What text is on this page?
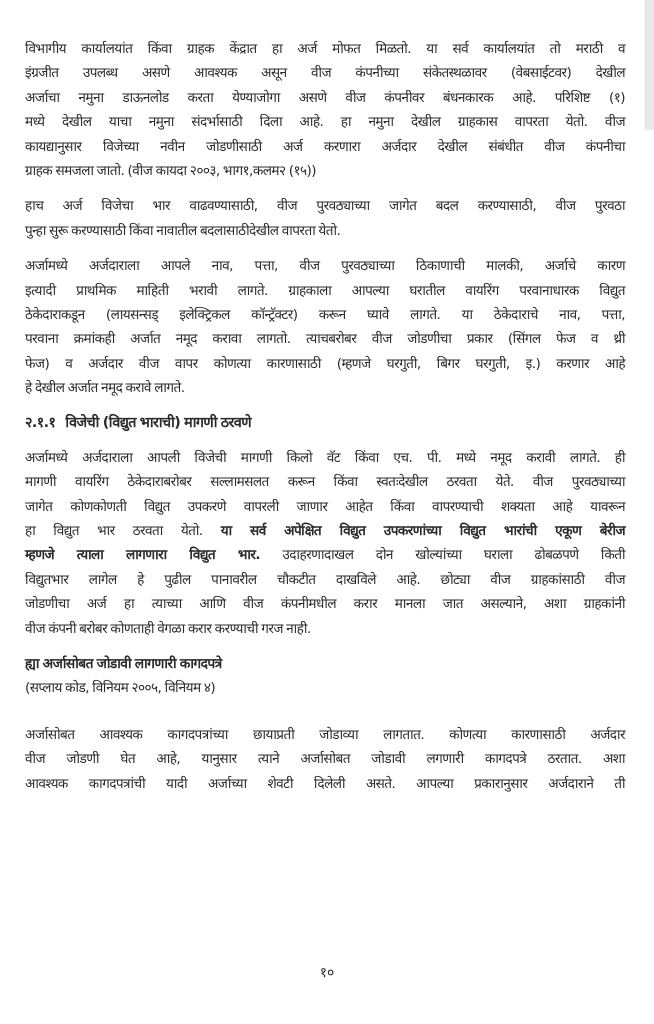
विभागीय कार्यालयांत किंवा ग्राहक केंद्रात हा अर्ज मोफत मिळतो. या सर्व कार्यालयांत तो मराठी व
इंग्रजीत उपलब्ध असणे आवश्यक असून वीज कंपनीच्या संकेतस्थळावर (वेबसाईटवर) देखील
अर्जाचा नमुना डाऊनलोड करता येण्याजोगा असणे वीज कंपनीवर बंधनकारक आहे. परिशिष्ट (१)
मध्ये देखील याचा नमुना संदर्भासाठी दिला आहे. हा नमुना देखील ग्राहकास वापरता येतो. वीज
कायद्यानुसार विजेच्या नवीन जोडणीसाठी अर्ज करणारा अर्जदार देखील संबंधीत वीज कंपनीचा
ग्राहक समजला जातो. (वीज कायदा २००३, भाग१,कलम२ (१५))
हाच अर्ज विजेचा भार वाढवण्यासाठी, वीज पुरवठ्याच्या जागेत बदल करण्यासाठी, वीज पुरवठा
पुन्हा सुरू करण्यासाठी किंवा नावातील बदलासाठीदेखील वापरता येतो.
अर्जामध्ये अर्जदाराला आपले नाव, पत्ता, वीज पुरवठ्याच्या ठिकाणाची मालकी, अर्जाचे कारण
इत्यादी प्राथमिक माहिती भरावी लागते. ग्राहकाला आपल्या घरातील वायरिंग परवानाधारक विद्युत
ठेकेदाराकडून (लायसन्सड् इलेक्ट्रिकल कॉन्ट्रॅक्टर) करून घ्यावे लागते. या ठेकेदाराचे नाव, पत्ता,
परवाना क्रमांकही अर्जात नमूद करावा लागतो. त्याचबरोबर वीज जोडणीचा प्रकार (सिंगल फेज व थ्री
फेज) व अर्जदार वीज वापर कोणत्या कारणासाठी (म्हणजे घरगुती, बिगर घरगुती, इ.) करणार आहे
हे देखील अर्जात नमूद करावे लागते.
२.१.१ विजेची (विद्युत भाराची) मागणी ठरवणे
अर्जामध्ये अर्जदाराला आपली विजेची मागणी किलो वॅट किंवा एच. पी. मध्ये नमूद करावी लागते. ही
मागणी वायरिंग ठेकेदाराबरोबर सल्लामसलत करून किंवा स्वतःदेखील ठरवता येते. वीज पुरवठ्याच्या
जागेत कोणकोणती विद्युत उपकरणे वापरली जाणार आहेत किंवा वापरण्याची शक्यता आहे यावरून
हा विद्युत भार ठरवता येतो. या सर्व अपेक्षित विद्युत उपकरणांच्या विद्युत भारांची एकूण बेरीज
म्हणजे त्याला लागणारा विद्युत भार. उदाहरणादाखल दोन खोल्यांच्या घराला ढोबळपणे किती
विद्युतभार लागेल हे पुढील पानावरील चौकटीत दाखविले आहे. छोट्या वीज ग्राहकांसाठी वीज
जोडणीचा अर्ज हा त्याच्या आणि वीज कंपनीमधील करार मानला जात असल्याने, अशा ग्राहकांनी
वीज कंपनी बरोबर कोणताही वेगळा करार करण्याची गरज नाही.
ह्या अर्जासोबत जोडावी लागणारी कागदपत्रे
(सप्लाय कोड, विनियम २००५, विनियम ४)
अर्जासोबत आवश्यक कागदपत्रांच्या छायाप्रती जोडाव्या लागतात. कोणत्या कारणासाठी अर्जदार
वीज जोडणी घेत आहे, यानुसार त्याने अर्जासोबत जोडावी लगणारी कागदपत्रे ठरतात. अशा
आवश्यक कागदपत्रांची यादी अर्जाच्या शेवटी दिलेली असते. आपल्या प्रकारानुसार अर्जदाराने ती
१०
